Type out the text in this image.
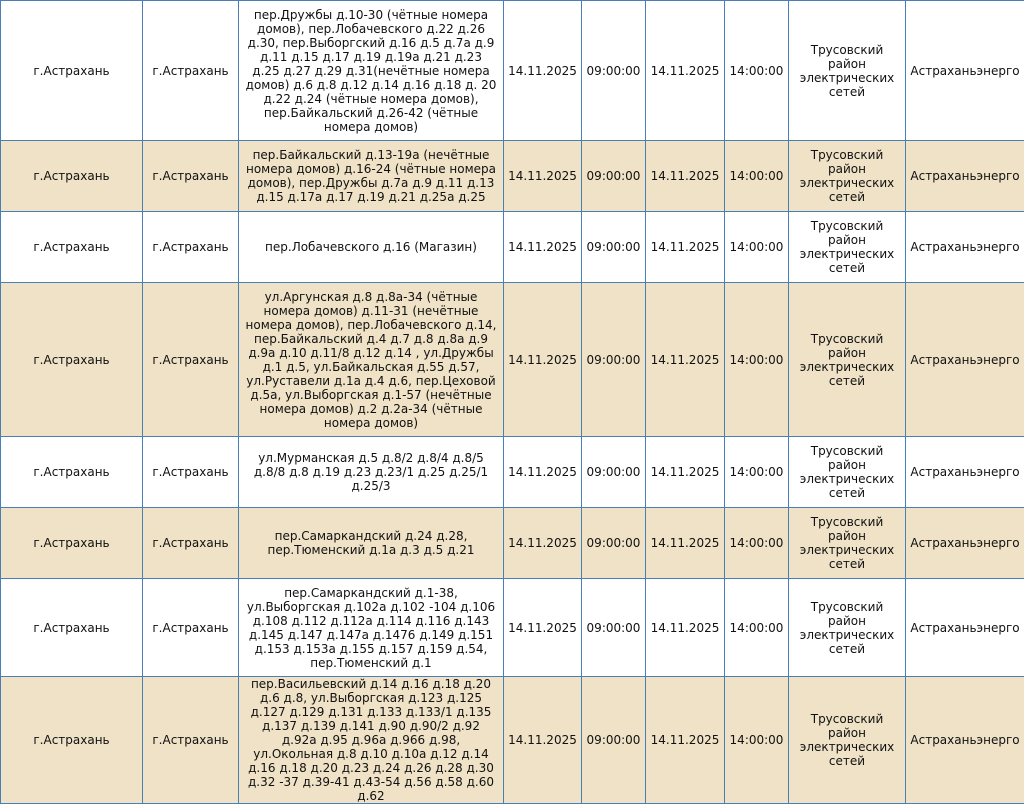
г.Астрахань	г.Астрахань	пер.Дружбы д.10-30 (чётные номера домов), пер.Лобачевского д.22 д.26 д.30, пер.Выборгский д.16 д.5 д.7а д.9 д.11 д.15 д.17 д.19 д.19а д.21 д.23 д.25 д.27 д.29 д.31(нечётные номера домов) д.6 д.8 д.12 д.14 д.16 д.18 д. 20 д.22 д.24 (чётные номера домов), пер.Байкальский д.26-42 (чётные номера домов)	14.11.2025	09:00:00	14.11.2025	14:00:00	Трусовский район электрических сетей	Астраханьэнерго
г.Астрахань	г.Астрахань	пер.Байкальский д.13-19а (нечётные номера домов) д.16-24 (чётные номера домов), пер.Дружбы д.7а д.9 д.11 д.13 д.15 д.17а д.17 д.19 д.21 д.25а д.25	14.11.2025	09:00:00	14.11.2025	14:00:00	Трусовский район электрических сетей	Астраханьэнерго
г.Астрахань	г.Астрахань	пер.Лобачевского д.16 (Магазин)	14.11.2025	09:00:00	14.11.2025	14:00:00	Трусовский район электрических сетей	Астраханьэнерго
г.Астрахань	г.Астрахань	ул.Аргунская д.8 д.8а-34 (чётные номера домов) д.11-31 (нечётные номера домов), пер.Лобачевского д.14, пер.Байкальский д.4 д.7 д.8 д.8а д.9 д.9а д.10 д.11/8 д.12 д.14 , ул.Дружбы д.1 д.5, ул.Байкальская д.55 д.57, ул.Руставели д.1а д.4 д.6, пер.Цеховой д.5а, ул.Выборгская д.1-57 (нечётные номера домов) д.2 д.2а-34 (чётные номера домов)	14.11.2025	09:00:00	14.11.2025	14:00:00	Трусовский район электрических сетей	Астраханьэнерго
г.Астрахань	г.Астрахань	ул.Мурманская д.5 д.8/2 д.8/4 д.8/5 д.8/8 д.8 д.19 д.23 д.23/1 д.25 д.25/1 д.25/3	14.11.2025	09:00:00	14.11.2025	14:00:00	Трусовский район электрических сетей	Астраханьэнерго
г.Астрахань	г.Астрахань	пер.Самаркандский д.24 д.28, пер.Тюменский д.1а д.3 д.5 д.21	14.11.2025	09:00:00	14.11.2025	14:00:00	Трусовский район электрических сетей	Астраханьэнерго
г.Астрахань	г.Астрахань	пер.Самаркандский д.1-38, ул.Выборгская д.102а д.102 -104 д.106 д.108 д.112 д.112а д.114 д.116 д.143 д.145 д.147 д.147а д.1476 д.149 д.151 д.153 д.153а д.155 д.157 д.159 д.54, пер.Тюменский д.1	14.11.2025	09:00:00	14.11.2025	14:00:00	Трусовский район электрических сетей	Астраханьэнерго
г.Астрахань	г.Астрахань	пер.Васильевский д.14 д.16 д.18 д.20 д.6 д.8, ул.Выборгская д.123 д.125 д.127 д.129 д.131 д.133 д.133/1 д.135 д.137 д.139 д.141 д.90 д.90/2 д.92 д.92а д.95 д.96а д.966 д.98, ул.Окольная д.8 д.10 д.10а д.12 д.14 д.16 д.18 д.20 д.23 д.24 д.26 д.28 д.30 д.32 -37 д.39-41 д.43-54 д.56 д.58 д.60 д.62	14.11.2025	09:00:00	14.11.2025	14:00:00	Трусовский район электрических сетей	Астраханьэнерго
